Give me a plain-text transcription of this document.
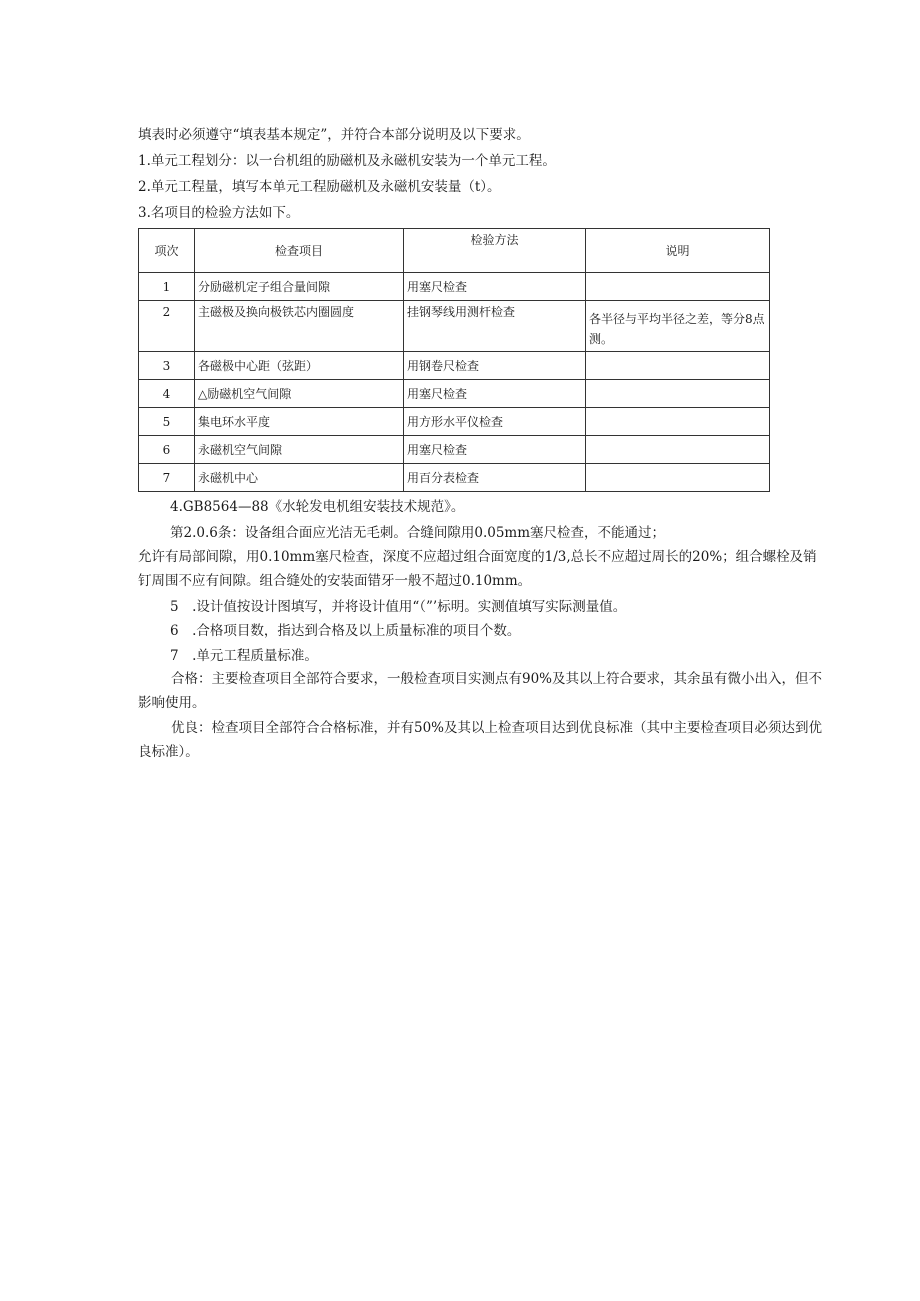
填表时必须遵守“填表基本规定”，并符合本部分说明及以下要求。
1.单元工程划分：以一台机组的励磁机及永磁机安装为一个单元工程。
2.单元工程量，填写本单元工程励磁机及永磁机安装量（t）。
3.名项目的检验方法如下。
项次	检查项目	检验方法	说明
1	分励磁机定子组合量间隙	用塞尺检查	
2	主磁极及换向极铁芯内圈圆度	挂钢琴线用测杆检查	各半径与平均半径之差，等分8点测。
3	各磁极中心距（弦距）	用钢卷尺检查	
4	△励磁机空气间隙	用塞尺检查	
5	集电环水平度	用方形水平仪检查	
6	永磁机空气间隙	用塞尺检查	
7	永磁机中心	用百分表检查	
4.GB8564—88《水轮发电机组安装技术规范》。
第2.0.6条：设备组合面应光洁无毛刺。合缝间隙用0.05mm塞尺检查，不能通过；
允许有局部间隙，用0.10mm塞尺检查，深度不应超过组合面宽度的1/3,总长不应超过周长的20%；组合螺栓及销钉周围不应有间隙。组合缝处的安装面错牙一般不超过0.10mm。
5　.设计值按设计图填写，并将设计值用“（”’标明。实测值填写实际测量值。
6　.合格项目数，指达到合格及以上质量标准的项目个数。
7　.单元工程质量标准。
合格：主要检查项目全部符合要求，一般检查项目实测点有90%及其以上符合要求，其余虽有微小出入，但不影响使用。
优良：检查项目全部符合合格标准，并有50%及其以上检查项目达到优良标准（其中主要检查项目必须达到优良标准）。
